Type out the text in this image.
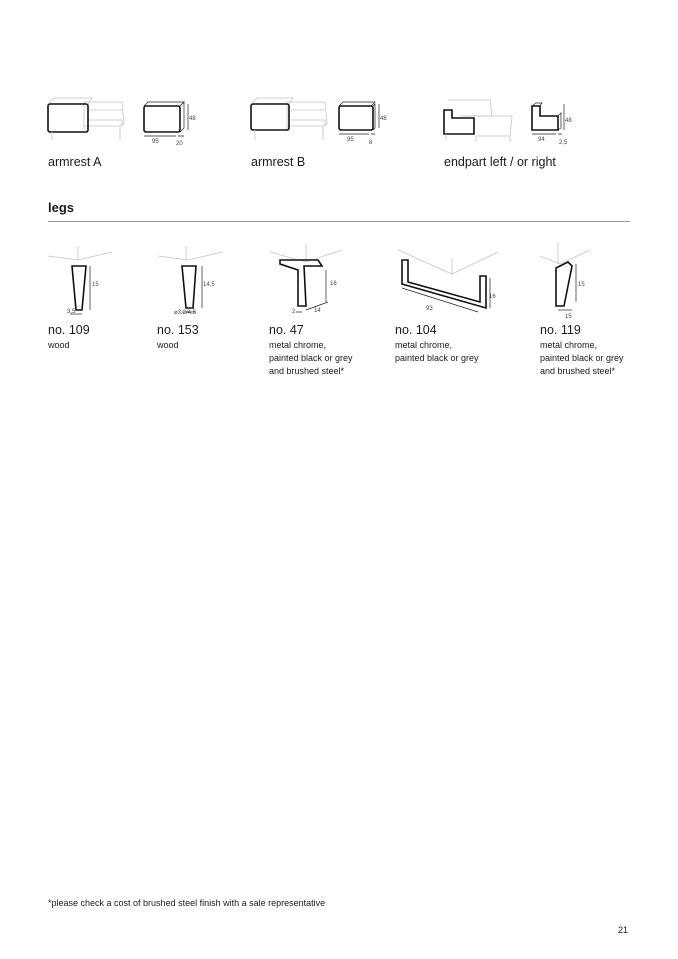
48
95	20
armrest A
48
95	8
armrest B
48
94 2,5
endpart left / or right
legs
15
3,5
no. 109
wood
14,5
⌀3,2/4,5
no. 153
wood
16
2	14
no. 47
metal chrome,
painted black or grey
and brushed steel*
16
93
no. 104
metal chrome,
painted black or grey
15
15
no. 119
metal chrome,
painted black or grey
and brushed steel*
*please check a cost of brushed steel finish with a sale representative
21
